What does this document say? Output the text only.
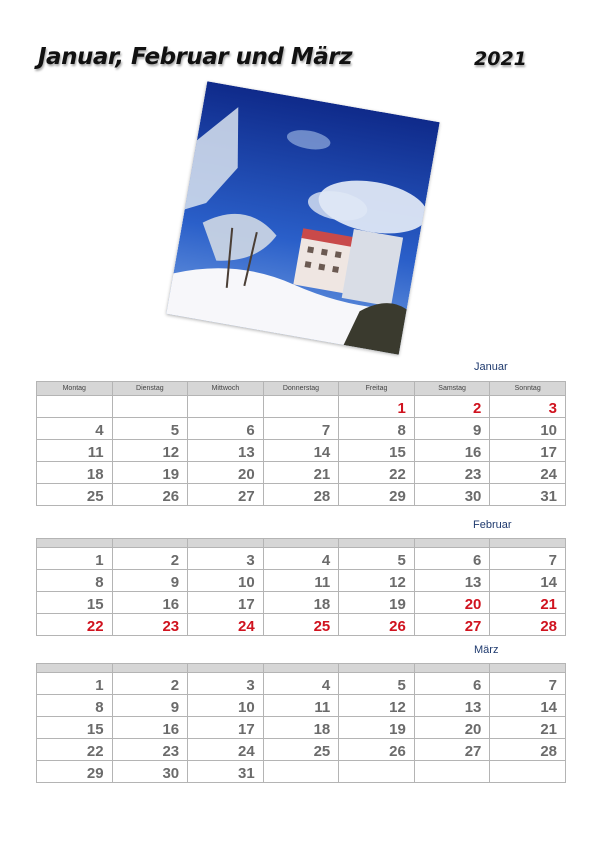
Januar, Februar und März	2021
Januar
Montag	Dienstag	Mittwoch	Donnerstag	Freitag	Samstag	Sonntag
				1	2	3
4	5	6	7	8	9	10
11	12	13	14	15	16	17
18	19	20	21	22	23	24
25	26	27	28	29	30	31
Februar

1	2	3	4	5	6	7
8	9	10	11	12	13	14
15	16	17	18	19	20	21
22	23	24	25	26	27	28
März

1	2	3	4	5	6	7
8	9	10	11	12	13	14
15	16	17	18	19	20	21
22	23	24	25	26	27	28
29	30	31				
